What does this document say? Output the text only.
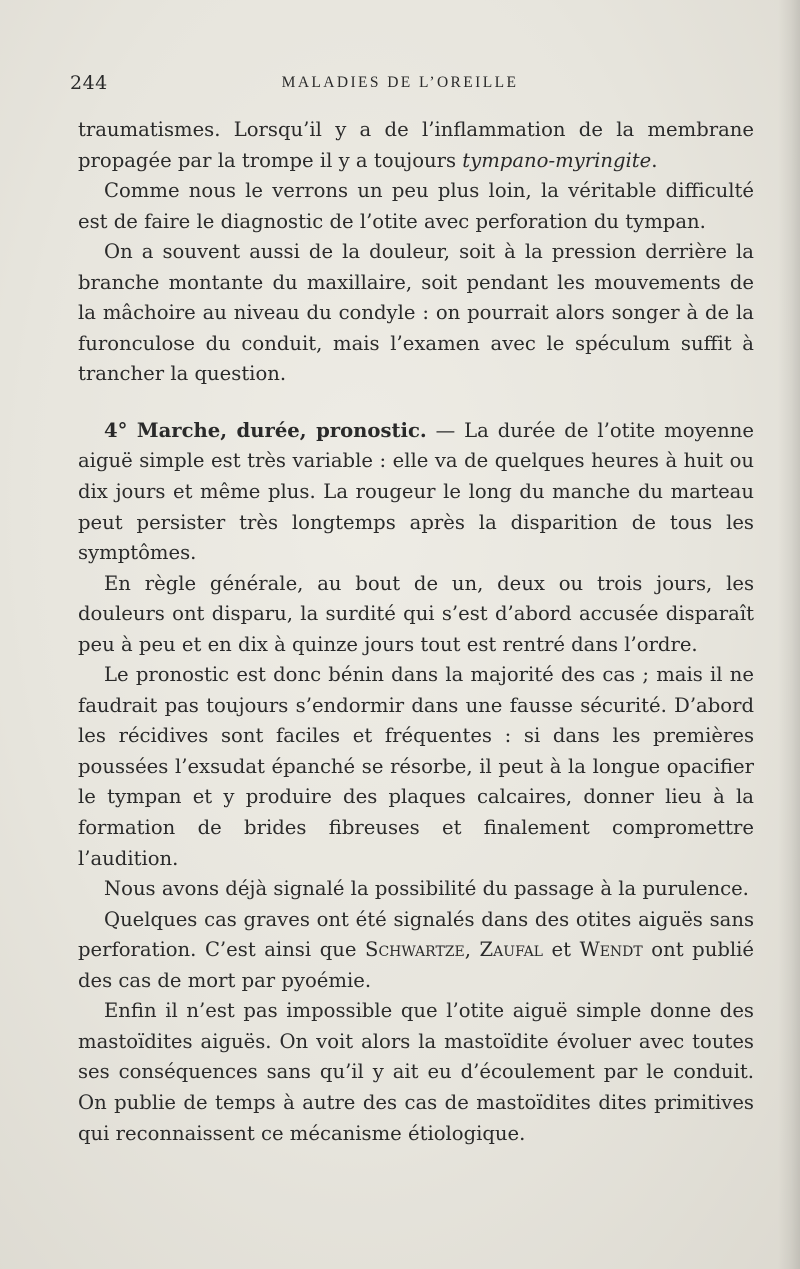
244	MALADIES DE L’OREILLE

traumatismes. Lorsqu’il y a de l’inflammation de la membrane propagée par la trompe il y a toujours tympano-myringite.

Comme nous le verrons un peu plus loin, la véritable difficulté est de faire le diagnostic de l’otite avec perforation du tympan.

On a souvent aussi de la douleur, soit à la pression derrière la branche montante du maxillaire, soit pendant les mouvements de la mâchoire au niveau du condyle : on pourrait alors songer à de la furonculose du conduit, mais l’examen avec le spéculum suffit à trancher la question.

4° Marche, durée, pronostic. — La durée de l’otite moyenne aiguë simple est très variable : elle va de quelques heures à huit ou dix jours et même plus. La rougeur le long du manche du marteau peut persister très longtemps après la disparition de tous les symptômes.

En règle générale, au bout de un, deux ou trois jours, les douleurs ont disparu, la surdité qui s’est d’abord accusée disparaît peu à peu et en dix à quinze jours tout est rentré dans l’ordre.

Le pronostic est donc bénin dans la majorité des cas ; mais il ne faudrait pas toujours s’endormir dans une fausse sécurité. D’abord les récidives sont faciles et fréquentes : si dans les premières poussées l’exsudat épanché se résorbe, il peut à la longue opacifier le tympan et y produire des plaques calcaires, donner lieu à la formation de brides fibreuses et finalement compromettre l’audition.

Nous avons déjà signalé la possibilité du passage à la purulence.

Quelques cas graves ont été signalés dans des otites aiguës sans perforation. C’est ainsi que Schwartze, Zaufal et Wendt ont publié des cas de mort par pyoémie.

Enfin il n’est pas impossible que l’otite aiguë simple donne des mastoïdites aiguës. On voit alors la mastoïdite évoluer avec toutes ses conséquences sans qu’il y ait eu d’écoulement par le conduit. On publie de temps à autre des cas de mastoïdites dites primitives qui reconnaissent ce mécanisme étiologique.
